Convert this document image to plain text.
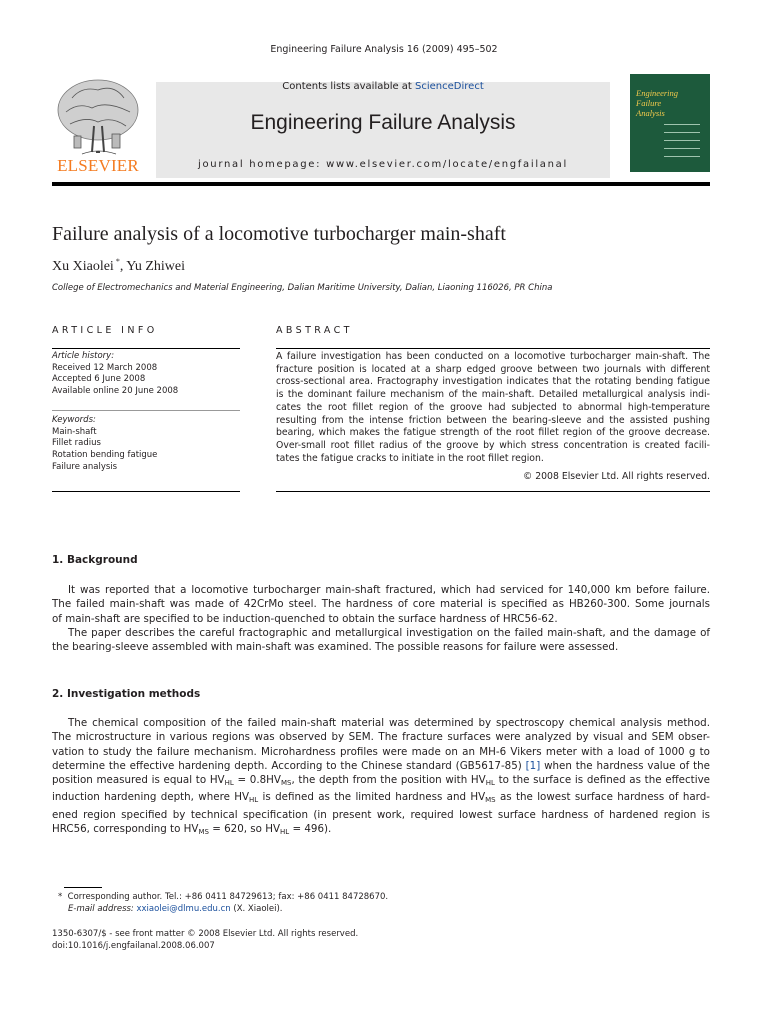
Engineering Failure Analysis 16 (2009) 495–502
ELSEVIER
Contents lists available at ScienceDirect
Engineering Failure Analysis
journal homepage: www.elsevier.com/locate/engfailanal
Engineering
Failure
Analysis
Failure analysis of a locomotive turbocharger main-shaft
Xu Xiaolei *, Yu Zhiwei
College of Electromechanics and Material Engineering, Dalian Maritime University, Dalian, Liaoning 116026, PR China
ARTICLE INFO
Article history:
Received 12 March 2008
Accepted 6 June 2008
Available online 20 June 2008
Keywords:
Main-shaft
Fillet radius
Rotation bending fatigue
Failure analysis
ABSTRACT
A failure investigation has been conducted on a locomotive turbocharger main-shaft. The
fracture position is located at a sharp edged groove between two journals with different
cross-sectional area. Fractography investigation indicates that the rotating bending fatigue
is the dominant failure mechanism of the main-shaft. Detailed metallurgical analysis indi-
cates the root fillet region of the groove had subjected to abnormal high-temperature
resulting from the intense friction between the bearing-sleeve and the assisted pushing
bearing, which makes the fatigue strength of the root fillet region of the groove decrease.
Over-small root fillet radius of the groove by which stress concentration is created facili-
tates the fatigue cracks to initiate in the root fillet region.
© 2008 Elsevier Ltd. All rights reserved.
1. Background
It was reported that a locomotive turbocharger main-shaft fractured, which had serviced for 140,000 km before failure.
The failed main-shaft was made of 42CrMo steel. The hardness of core material is specified as HB260-300. Some journals
of main-shaft are specified to be induction-quenched to obtain the surface hardness of HRC56-62.
The paper describes the careful fractographic and metallurgical investigation on the failed main-shaft, and the damage of
the bearing-sleeve assembled with main-shaft was examined. The possible reasons for failure were assessed.
2. Investigation methods
The chemical composition of the failed main-shaft material was determined by spectroscopy chemical analysis method.
The microstructure in various regions was observed by SEM. The fracture surfaces were analyzed by visual and SEM obser-
vation to study the failure mechanism. Microhardness profiles were made on an MH-6 Vikers meter with a load of 1000 g to
determine the effective hardening depth. According to the Chinese standard (GB5617-85) [1] when the hardness value of the
position measured is equal to $HV_{HL} = 0.8HV_{MS}$, the depth from the position with $HV_{HL}$ to the surface is defined as the effective
induction hardening depth, where $HV_{HL}$ is defined as the limited hardness and $HV_{MS}$ as the lowest surface hardness of hard-
ened region specified by technical specification (in present work, required lowest surface hardness of hardened region is
HRC56, corresponding to $HV_{MS} = 620$, so $HV_{HL} = 496$).
* Corresponding author. Tel.: +86 0411 84729613; fax: +86 0411 84728670.
E-mail address: xxiaolei@dlmu.edu.cn (X. Xiaolei).
1350-6307/$ - see front matter © 2008 Elsevier Ltd. All rights reserved.
doi:10.1016/j.engfailanal.2008.06.007
